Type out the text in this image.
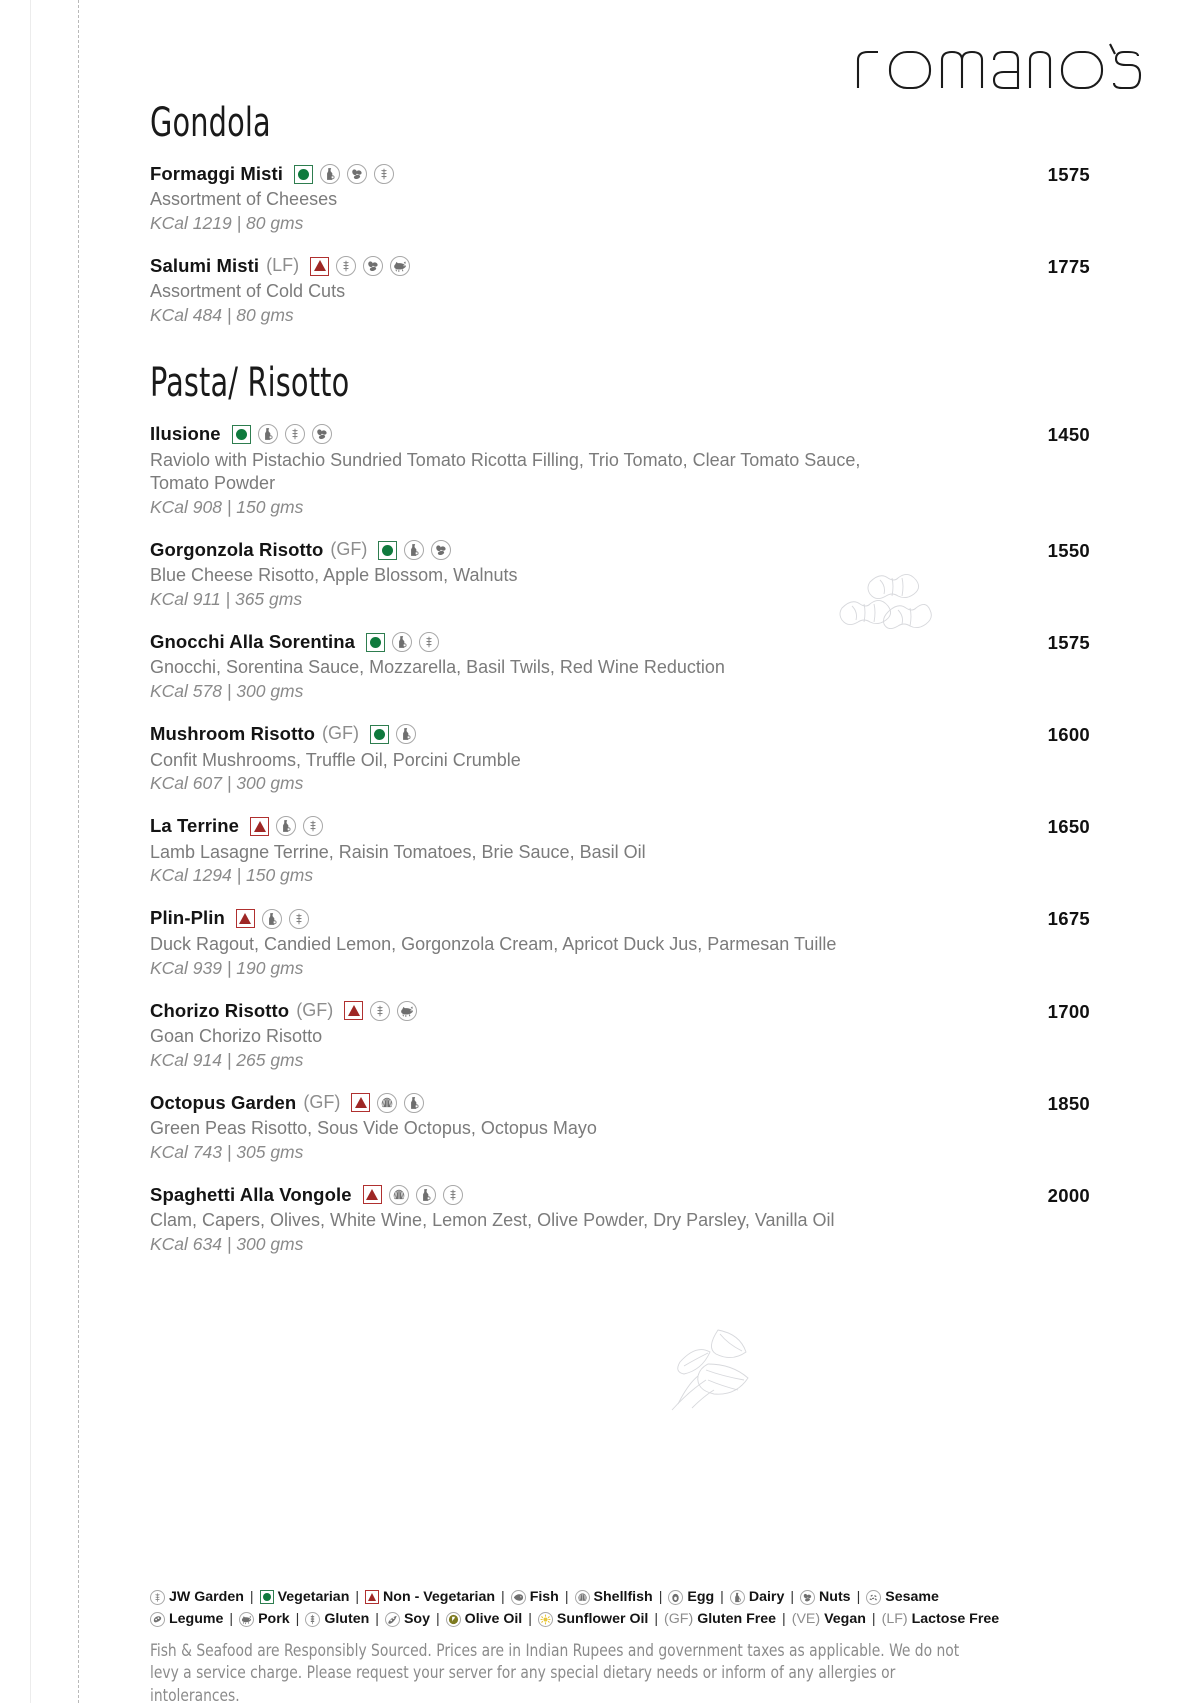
Gondola
Formaggi Misti
Assortment of Cheeses
KCal 1219 | 80 gms
1575
Salumi Misti (LF)
Assortment of Cold Cuts
KCal 484 | 80 gms
1775
Pasta/ Risotto
Ilusione
Raviolo with Pistachio Sundried Tomato Ricotta Filling, Trio Tomato, Clear Tomato Sauce, Tomato Powder
KCal 908 | 150 gms
1450
Gorgonzola Risotto (GF)
Blue Cheese Risotto, Apple Blossom, Walnuts
KCal 911 | 365 gms
1550
Gnocchi Alla Sorentina
Gnocchi, Sorentina Sauce, Mozzarella, Basil Twils, Red Wine Reduction
KCal 578 | 300 gms
1575
Mushroom Risotto (GF)
Confit Mushrooms, Truffle Oil, Porcini Crumble
KCal 607 | 300 gms
1600
La Terrine
Lamb Lasagne Terrine, Raisin Tomatoes, Brie Sauce, Basil Oil
KCal 1294 | 150 gms
1650
Plin-Plin
Duck Ragout, Candied Lemon, Gorgonzola Cream, Apricot Duck Jus, Parmesan Tuille
KCal 939 | 190 gms
1675
Chorizo Risotto (GF)
Goan Chorizo Risotto
KCal 914 | 265 gms
1700
Octopus Garden (GF)
Green Peas Risotto, Sous Vide Octopus, Octopus Mayo
KCal 743 | 305 gms
1850
Spaghetti Alla Vongole
Clam, Capers, Olives, White Wine, Lemon Zest, Olive Powder, Dry Parsley, Vanilla Oil
KCal 634 | 300 gms
2000
JW Garden | Vegetarian | Non - Vegetarian | Fish | Shellfish | Egg | Dairy | Nuts | Sesame
Legume | Pork | Gluten | Soy | Olive Oil | Sunflower Oil | (GF) Gluten Free | (VE) Vegan | (LF) Lactose Free
Fish & Seafood are Responsibly Sourced. Prices are in Indian Rupees and government taxes as applicable. We do not levy a service charge. Please request your server for any special dietary needs or inform of any allergies or intolerances.
